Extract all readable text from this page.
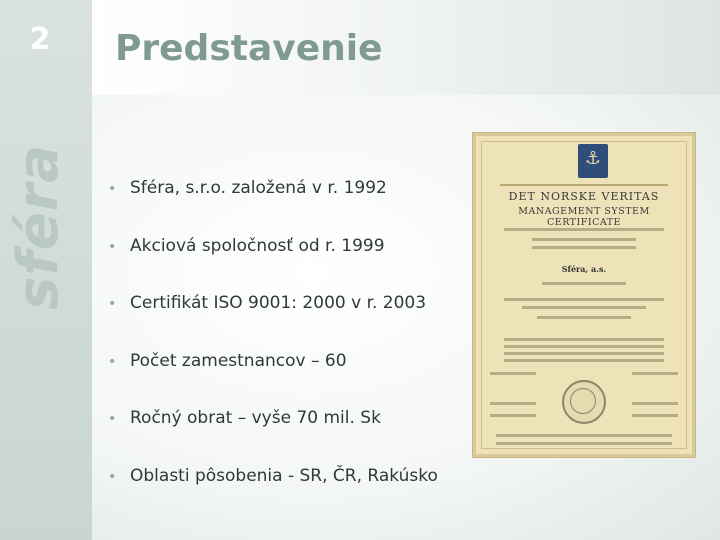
2
sféra
Predstavenie
• Sféra, s.r.o. založená v r. 1992
• Akciová spoločnosť od r. 1999
• Certifikát ISO 9001: 2000 v r. 2003
• Počet zamestnancov – 60
• Ročný obrat – vyše 70 mil. Sk
• Oblasti pôsobenia - SR, ČR, Rakúsko
⚓
DET NORSKE VERITAS
MANAGEMENT SYSTEM CERTIFICATE
Sféra, a.s.
